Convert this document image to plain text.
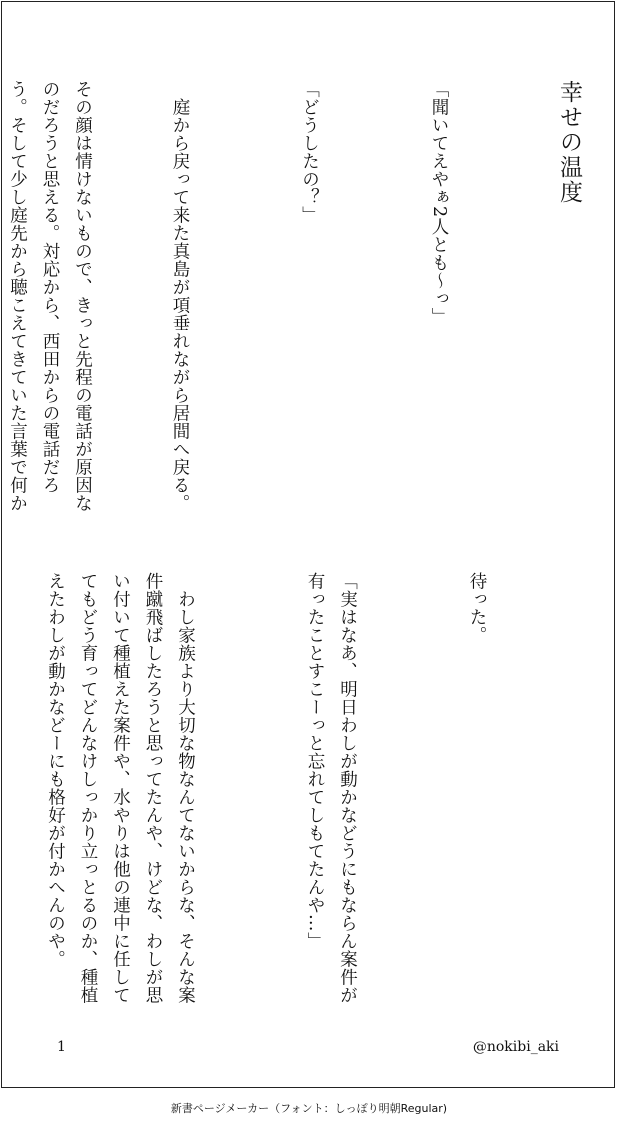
幸せの温度

「聞いてえやぁ2人とも〜っ」

「どうしたの？」

　庭から戻って来た真島が項垂れながら居間へ戻る。

その顔は情けないもので、きっと先程の電話が原因なのだろうと思える。対応から、西田からの電話だろう。そして少し庭先から聴こえてきていた言葉で何か

待った。

「実はなあ、明日わしが動かなどうにもならん案件が有ったことすこーっと忘れてしもてたんや…」

　わし家族より大切な物なんてないからな、そんな案件蹴飛ばしたろうと思ってたんや、けどな、わしが思い付いて種植えた案件や、水やりは他の連中に任しててもどう育ってどんなけしっかり立っとるのか、種植えたわしが動かなどーにも格好が付かへんのや。

1	@nokibi_aki
新書ページメーカー（フォント：しっぽり明朝Regular)
